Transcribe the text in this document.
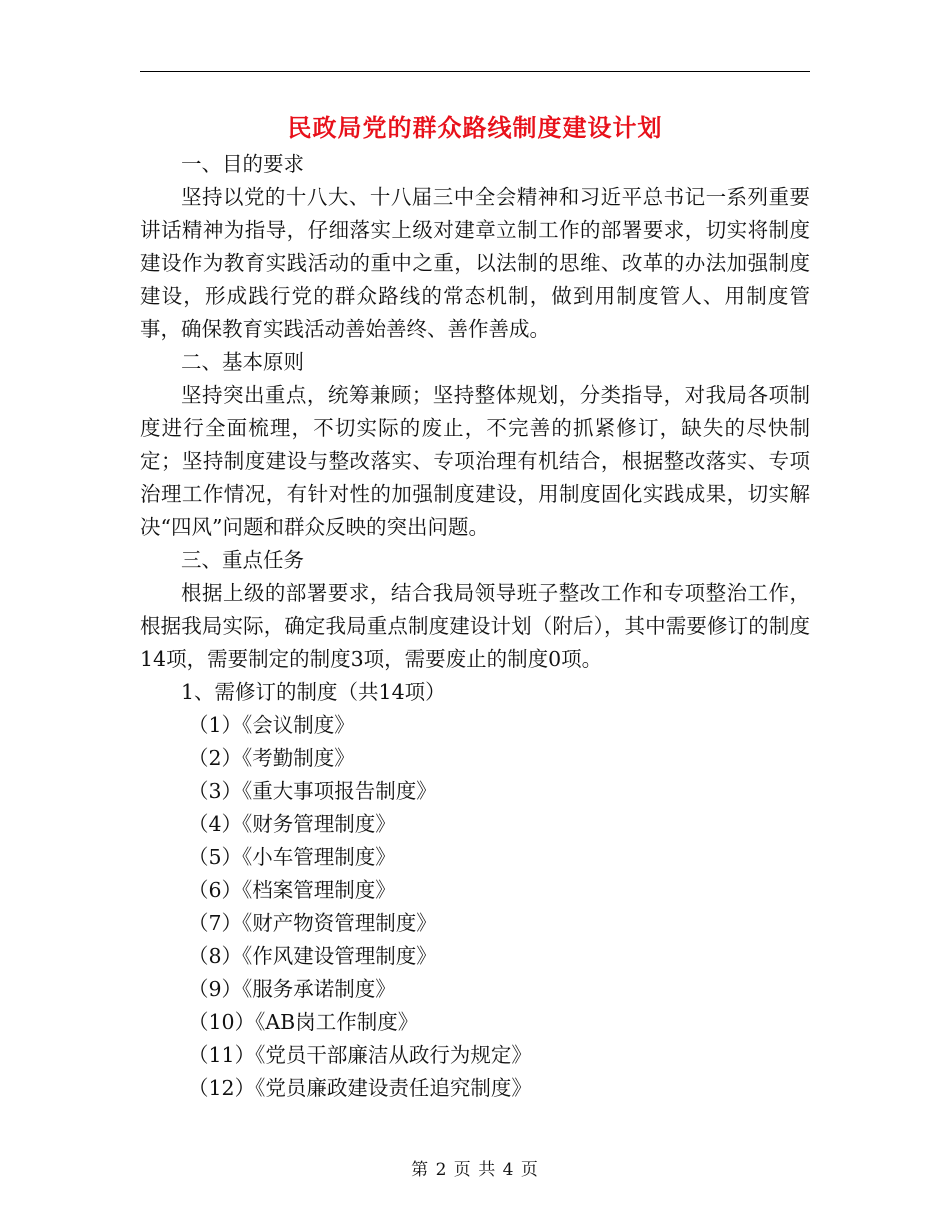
民政局党的群众路线制度建设计划
一、目的要求

坚持以党的十八大、十八届三中全会精神和习近平总书记一系列重要讲话精神为指导，仔细落实上级对建章立制工作的部署要求，切实将制度建设作为教育实践活动的重中之重，以法制的思维、改革的办法加强制度建设，形成践行党的群众路线的常态机制，做到用制度管人、用制度管事，确保教育实践活动善始善终、善作善成。

二、基本原则

坚持突出重点，统筹兼顾；坚持整体规划，分类指导，对我局各项制度进行全面梳理，不切实际的废止，不完善的抓紧修订，缺失的尽快制定；坚持制度建设与整改落实、专项治理有机结合，根据整改落实、专项治理工作情况，有针对性的加强制度建设，用制度固化实践成果，切实解决“四风”问题和群众反映的突出问题。

三、重点任务

根据上级的部署要求，结合我局领导班子整改工作和专项整治工作，根据我局实际，确定我局重点制度建设计划（附后），其中需要修订的制度14项，需要制定的制度3项，需要废止的制度0项。

1、需修订的制度（共14项）
（1）《会议制度》
（2）《考勤制度》
（3）《重大事项报告制度》
（4）《财务管理制度》
（5）《小车管理制度》
（6）《档案管理制度》
（7）《财产物资管理制度》
（8）《作风建设管理制度》
（9）《服务承诺制度》
（10）《AB岗工作制度》
（11）《党员干部廉洁从政行为规定》
（12）《党员廉政建设责任追究制度》
第 2 页 共 4 页
